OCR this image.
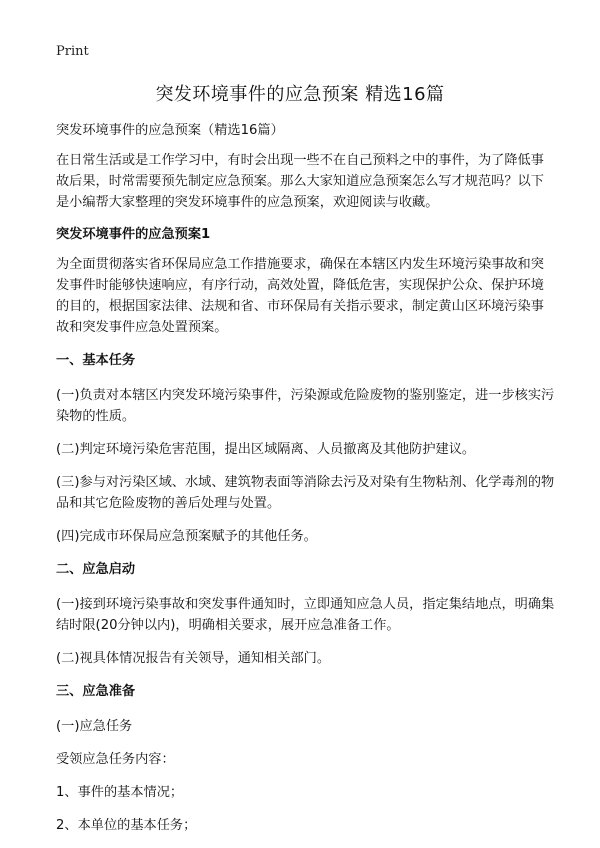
Print
突发环境事件的应急预案 精选16篇

突发环境事件的应急预案（精选16篇）

在日常生活或是工作学习中，有时会出现一些不在自己预料之中的事件，为了降低事故后果，时常需要预先制定应急预案。那么大家知道应急预案怎么写才规范吗？以下是小编帮大家整理的突发环境事件的应急预案，欢迎阅读与收藏。

突发环境事件的应急预案1

为全面贯彻落实省环保局应急工作措施要求，确保在本辖区内发生环境污染事故和突发事件时能够快速响应，有序行动，高效处置，降低危害，实现保护公众、保护环境的目的，根据国家法律、法规和省、市环保局有关指示要求，制定黄山区环境污染事故和突发事件应急处置预案。

一、基本任务

(一)负责对本辖区内突发环境污染事件，污染源或危险废物的鉴别鉴定，进一步核实污染物的性质。

(二)判定环境污染危害范围，提出区域隔离、人员撤离及其他防护建议。

(三)参与对污染区域、水域、建筑物表面等消除去污及对染有生物粘剂、化学毒剂的物品和其它危险废物的善后处理与处置。

(四)完成市环保局应急预案赋予的其他任务。

二、应急启动

(一)接到环境污染事故和突发事件通知时，立即通知应急人员，指定集结地点，明确集结时限(20分钟以内)，明确相关要求，展开应急准备工作。

(二)视具体情况报告有关领导，通知相关部门。

三、应急准备

(一)应急任务

受领应急任务内容：

1、事件的基本情况；

2、本单位的基本任务；
